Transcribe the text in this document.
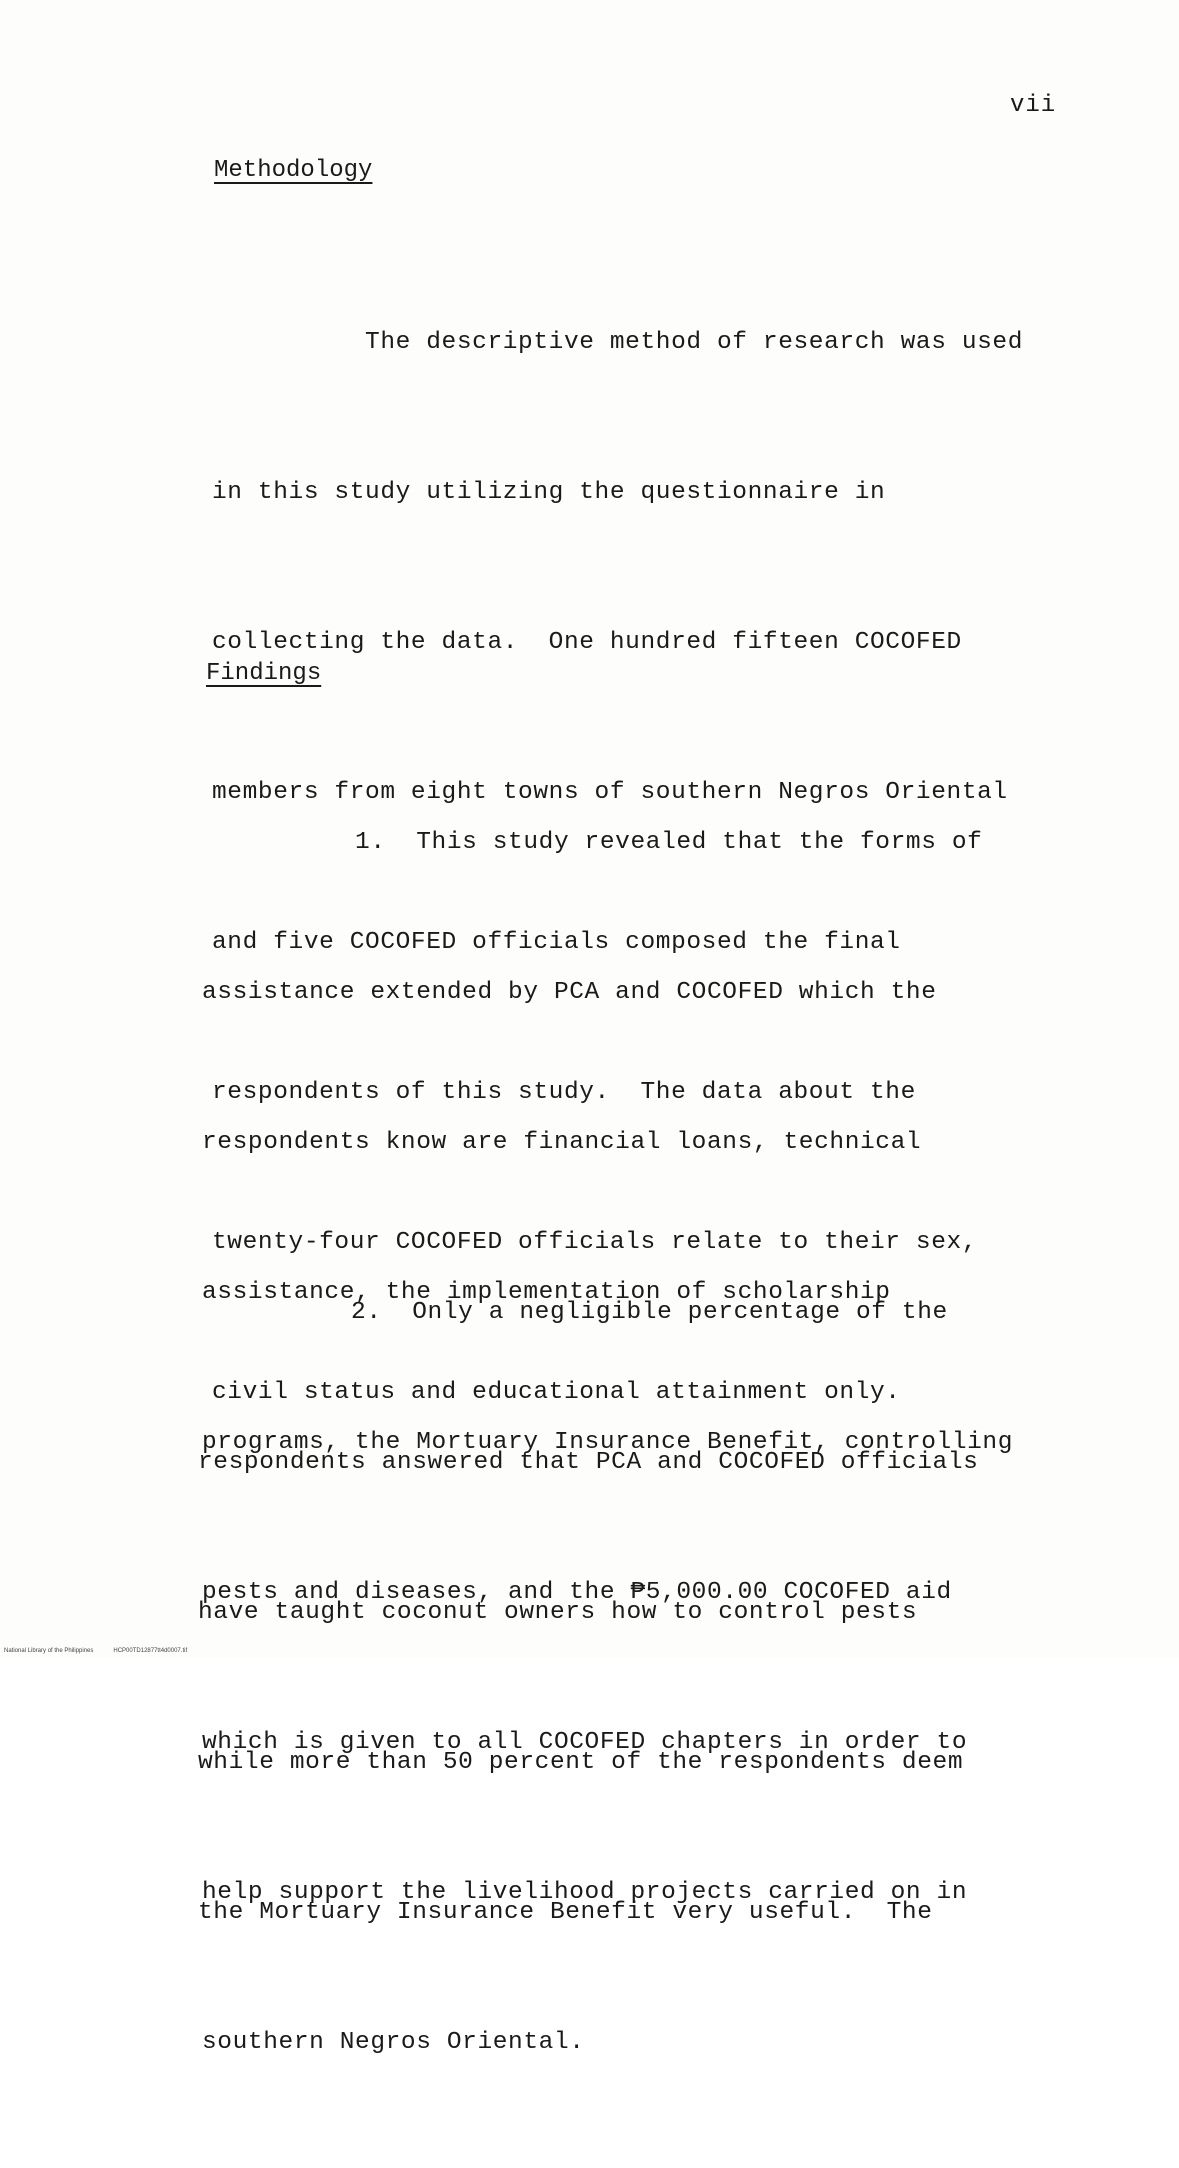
vii
Methodology

The descriptive method of research was used

in this study utilizing the questionnaire in

collecting the data.  One hundred fifteen COCOFED

members from eight towns of southern Negros Oriental

and five COCOFED officials composed the final

respondents of this study.  The data about the

twenty-four COCOFED officials relate to their sex,

civil status and educational attainment only.

Findings

1.  This study revealed that the forms of

assistance extended by PCA and COCOFED which the

respondents know are financial loans, technical

assistance, the implementation of scholarship

programs, the Mortuary Insurance Benefit, controlling

pests and diseases, and the ₱5,000.00 COCOFED aid

which is given to all COCOFED chapters in order to

help support the livelihood projects carried on in

southern Negros Oriental.

2.  Only a negligible percentage of the

respondents answered that PCA and COCOFED officials

have taught coconut owners how to control pests

while more than 50 percent of the respondents deem

the Mortuary Insurance Benefit very useful.  The

National Library of the Philippines	HCP00TD12877tt4d0007.tif
